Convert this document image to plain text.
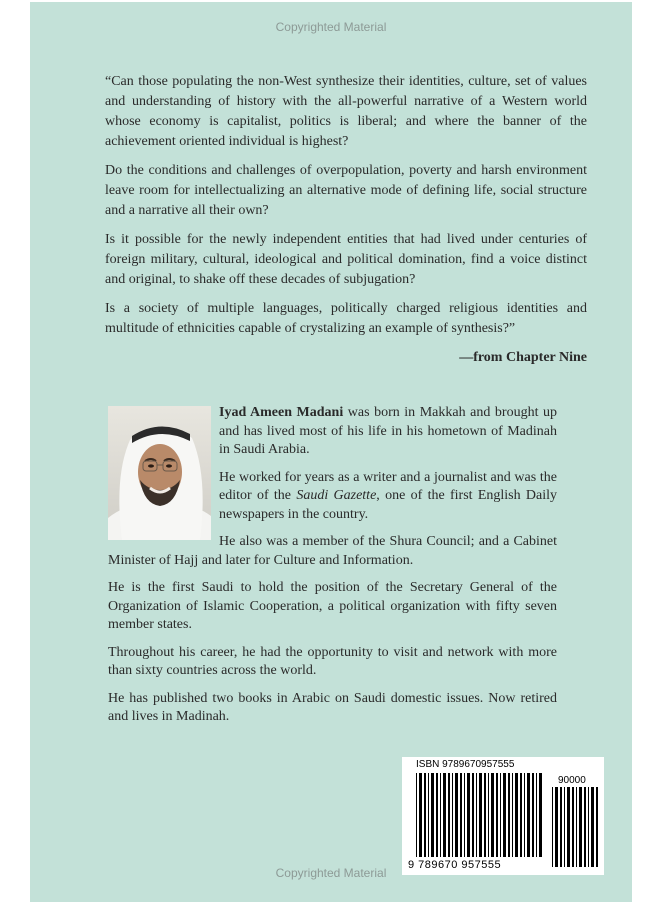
Copyrighted Material

“Can those populating the non-West synthesize their identities, culture, set of values and understanding of history with the all-powerful narrative of a Western world whose economy is capitalist, politics is liberal; and where the banner of the achievement oriented individual is highest?

Do the conditions and challenges of overpopulation, poverty and harsh environment leave room for intellectualizing an alternative mode of defining life, social structure and a narrative all their own?

Is it possible for the newly independent entities that had lived under centuries of foreign military, cultural, ideological and political domination, find a voice distinct and original, to shake off these decades of subjugation?

Is a society of multiple languages, politically charged religious identities and multitude of ethnicities capable of crystalizing an example of synthesis?”

—from Chapter Nine

Iyad Ameen Madani was born in Makkah and brought up and has lived most of his life in his hometown of Madinah in Saudi Arabia.

He worked for years as a writer and a journalist and was the editor of the Saudi Gazette, one of the first English Daily newspapers in the country.

He also was a member of the Shura Council; and a Cabinet Minister of Hajj and later for Culture and Information.

He is the first Saudi to hold the position of the Secretary General of the Organization of Islamic Cooperation, a political organization with fifty seven member states.

Throughout his career, he had the opportunity to visit and network with more than sixty countries across the world.

He has published two books in Arabic on Saudi domestic issues. Now retired and lives in Madinah.

ISBN 9789670957555
90000
9 789670 957555
Copyrighted Material
